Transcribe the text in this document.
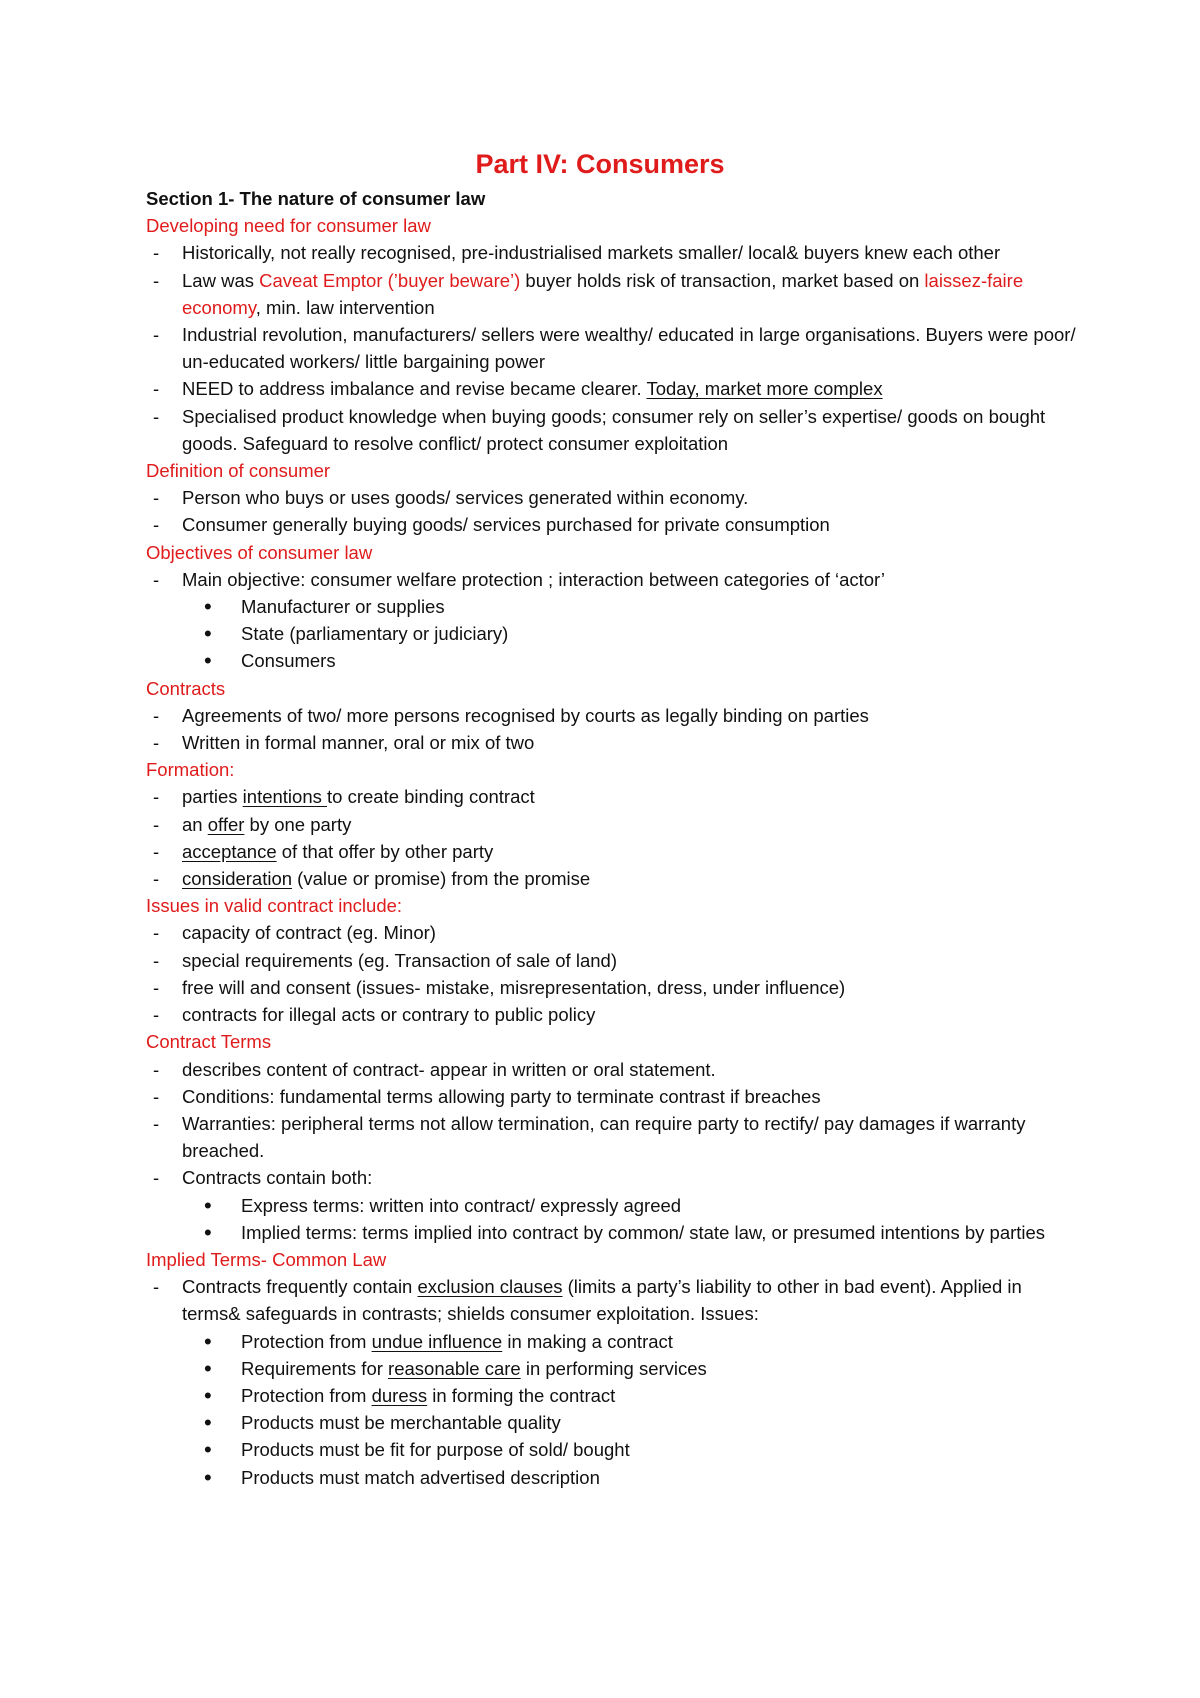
Part IV: Consumers
Section 1- The nature of consumer law
Developing need for consumer law
- Historically, not really recognised, pre-industrialised markets smaller/ local& buyers knew each other
- Law was Caveat Emptor (’buyer beware’) buyer holds risk of transaction, market based on laissez-faire economy, min. law intervention
- Industrial revolution, manufacturers/ sellers were wealthy/ educated in large organisations. Buyers were poor/ un-educated workers/ little bargaining power
- NEED to address imbalance and revise became clearer. Today, market more complex
- Specialised product knowledge when buying goods; consumer rely on seller’s expertise/ goods on bought goods. Safeguard to resolve conflict/ protect consumer exploitation
Definition of consumer
- Person who buys or uses goods/ services generated within economy.
- Consumer generally buying goods/ services purchased for private consumption
Objectives of consumer law
- Main objective: consumer welfare protection ; interaction between categories of ‘actor’
• Manufacturer or supplies
• State (parliamentary or judiciary)
• Consumers
Contracts
- Agreements of two/ more persons recognised by courts as legally binding on parties
- Written in formal manner, oral or mix of two
Formation:
- parties intentions to create binding contract
- an offer by one party
- acceptance of that offer by other party
- consideration (value or promise) from the promise
Issues in valid contract include:
- capacity of contract (eg. Minor)
- special requirements (eg. Transaction of sale of land)
- free will and consent (issues- mistake, misrepresentation, dress, under influence)
- contracts for illegal acts or contrary to public policy
Contract Terms
- describes content of contract- appear in written or oral statement.
- Conditions: fundamental terms allowing party to terminate contrast if breaches
- Warranties: peripheral terms not allow termination, can require party to rectify/ pay damages if warranty breached.
- Contracts contain both:
• Express terms: written into contract/ expressly agreed
• Implied terms: terms implied into contract by common/ state law, or presumed intentions by parties
Implied Terms- Common Law
- Contracts frequently contain exclusion clauses (limits a party’s liability to other in bad event). Applied in terms& safeguards in contrasts; shields consumer exploitation. Issues:
• Protection from undue influence in making a contract
• Requirements for reasonable care in performing services
• Protection from duress in forming the contract
• Products must be merchantable quality
• Products must be fit for purpose of sold/ bought
• Products must match advertised description
